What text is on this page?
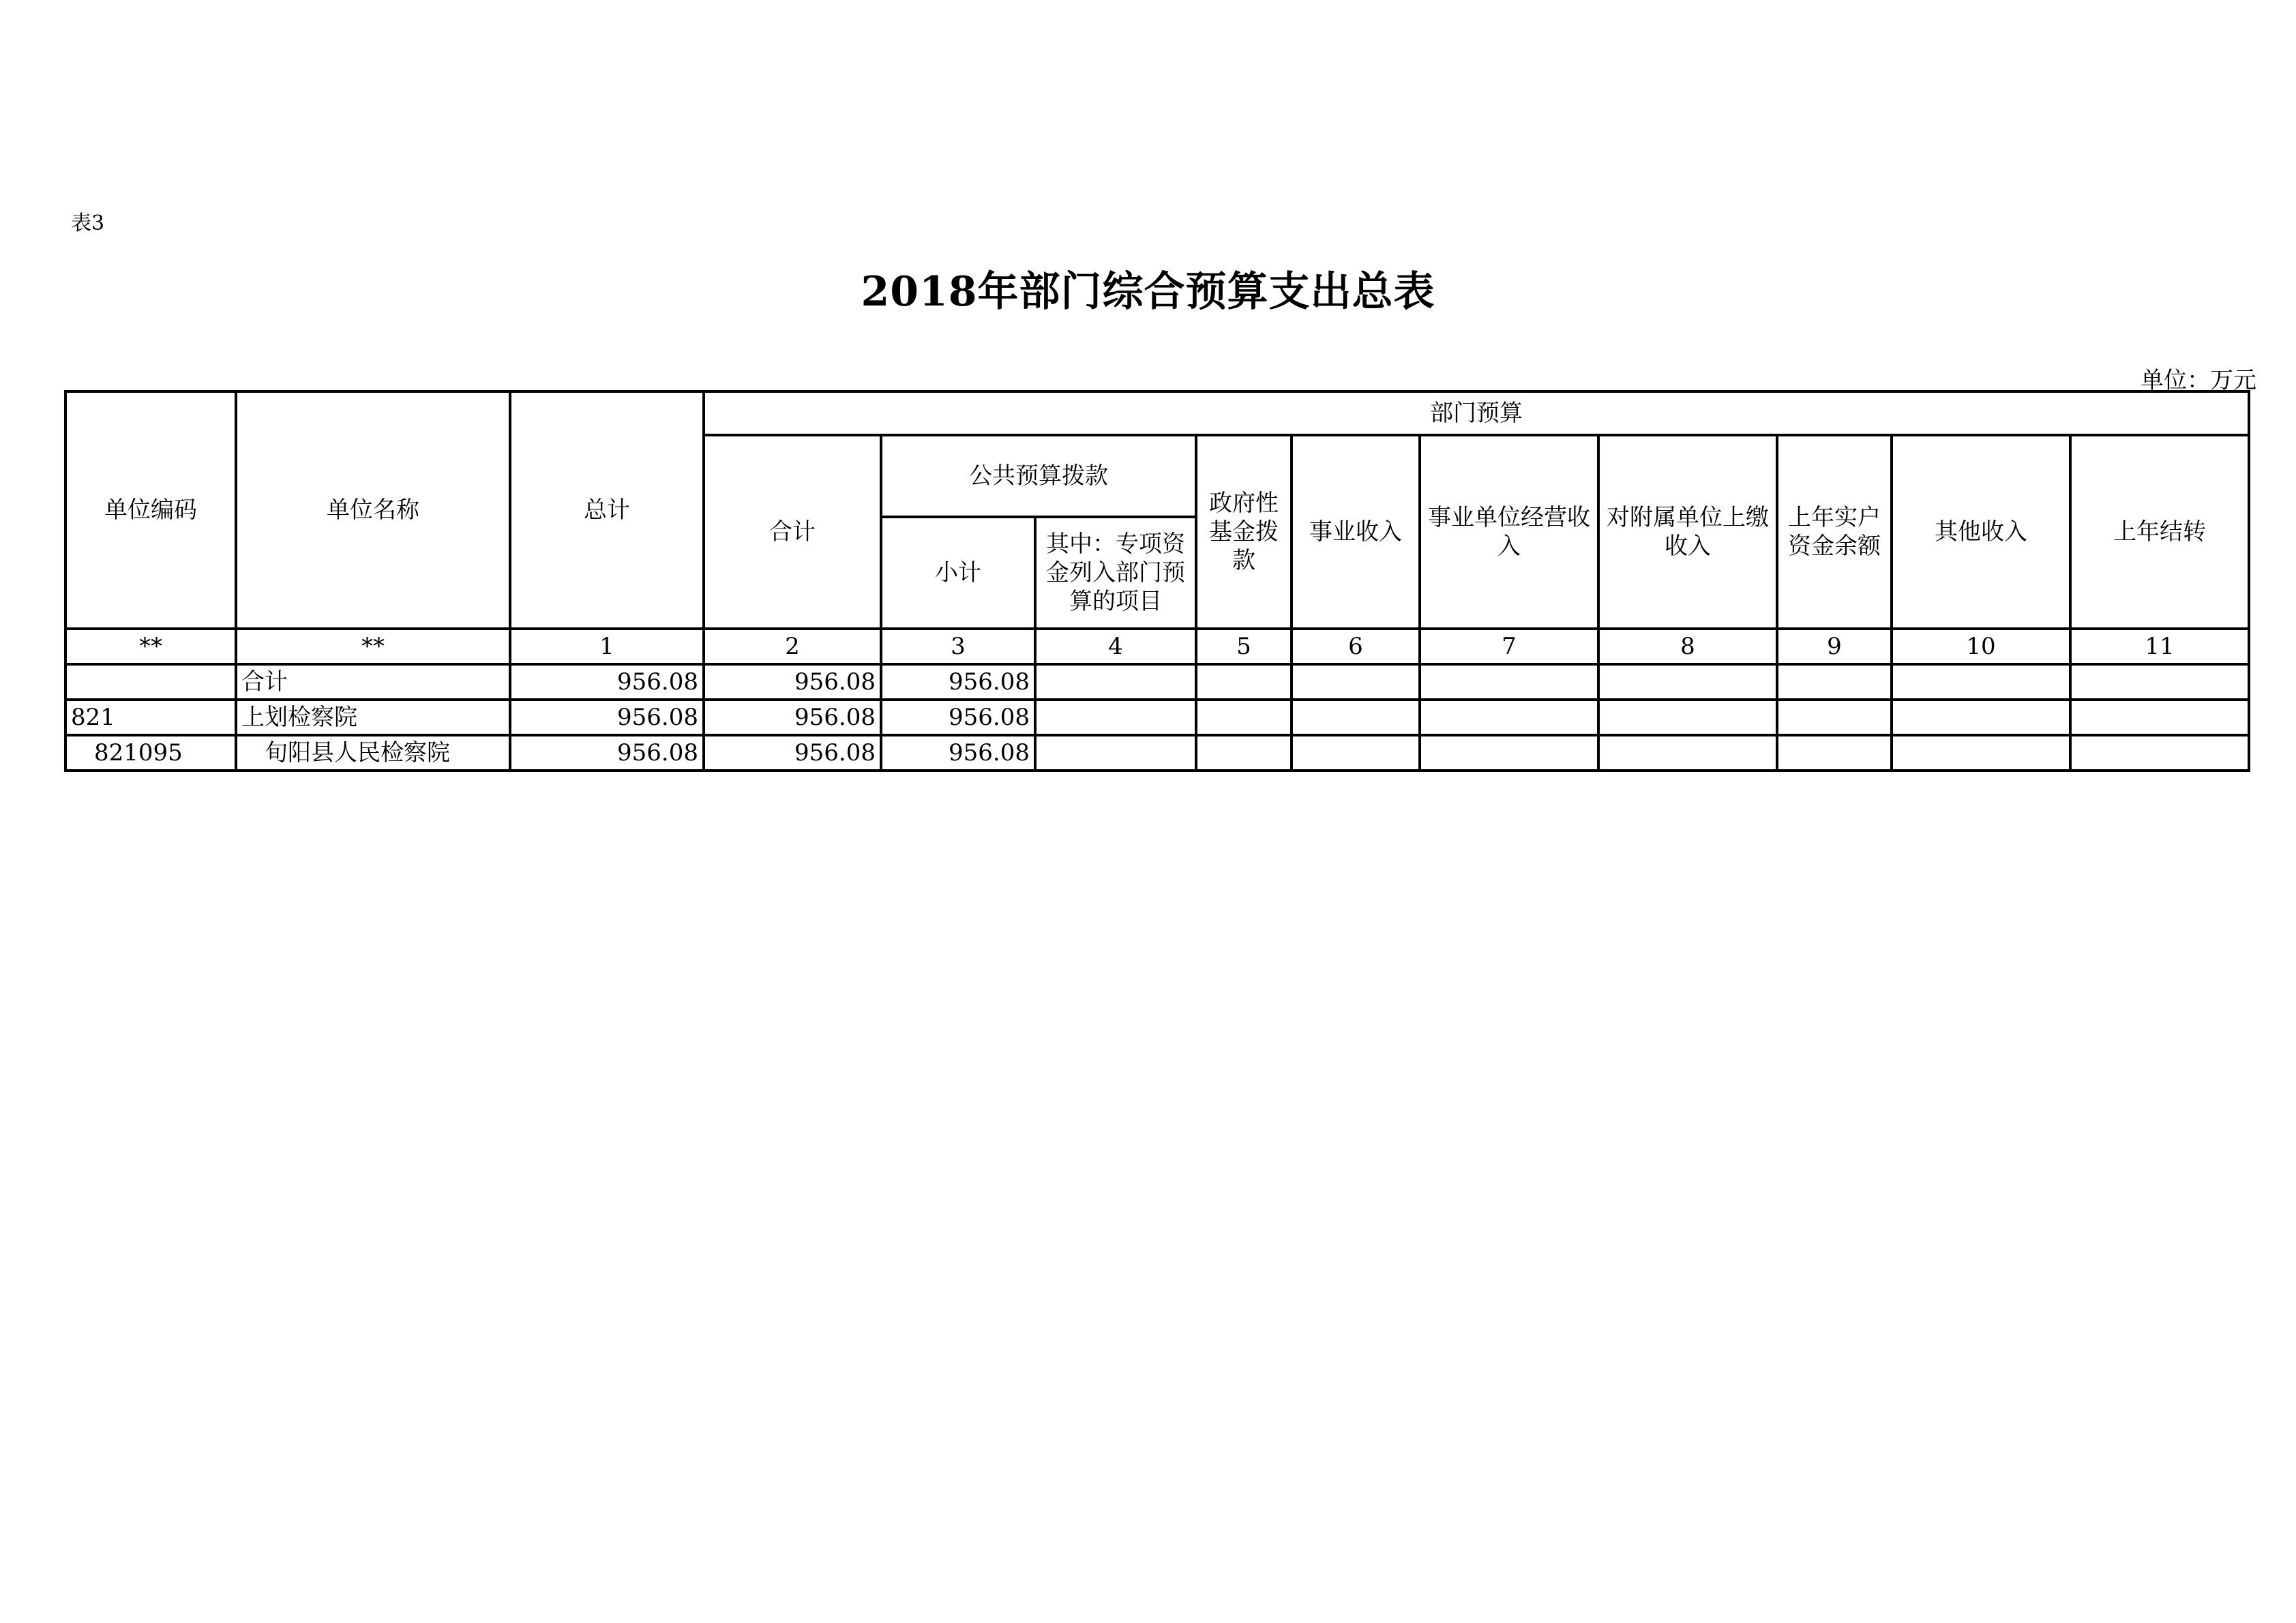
表3
2018年部门综合预算支出总表
单位：万元
单位编码	单位名称	总计	部门预算									
			合计	公共预算拨款		政府性基金拨款	事业收入	事业单位经营收入	对附属单位上缴收入	上年实户资金余额	其他收入	上年结转
				小计	其中：专项资金列入部门预算的项目							
**	**	1	2	3	4	5	6	7	8	9	10	11
	合计	956.08	956.08	956.08								
821	上划检察院	956.08	956.08	956.08								
821095	旬阳县人民检察院	956.08	956.08	956.08								
